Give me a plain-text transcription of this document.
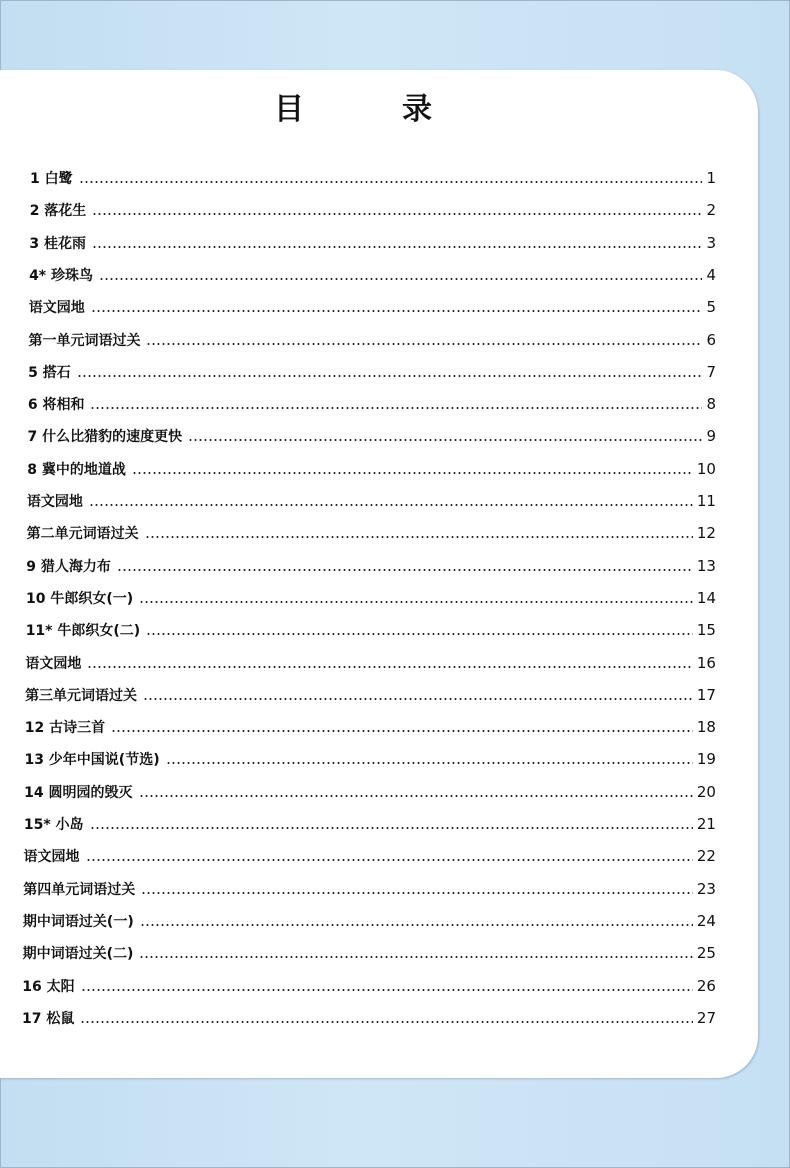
目　录
1 白鹭	1
2 落花生	2
3 桂花雨	3
4* 珍珠鸟	4
语文园地	5
第一单元词语过关	6
5 搭石	7
6 将相和	8
7 什么比猎豹的速度更快	9
8 冀中的地道战	10
语文园地	11
第二单元词语过关	12
9 猎人海力布	13
10 牛郎织女(一)	14
11* 牛郎织女(二)	15
语文园地	16
第三单元词语过关	17
12 古诗三首	18
13 少年中国说(节选)	19
14 圆明园的毁灭	20
15* 小岛	21
语文园地	22
第四单元词语过关	23
期中词语过关(一)	24
期中词语过关(二)	25
16 太阳	26
17 松鼠	27
